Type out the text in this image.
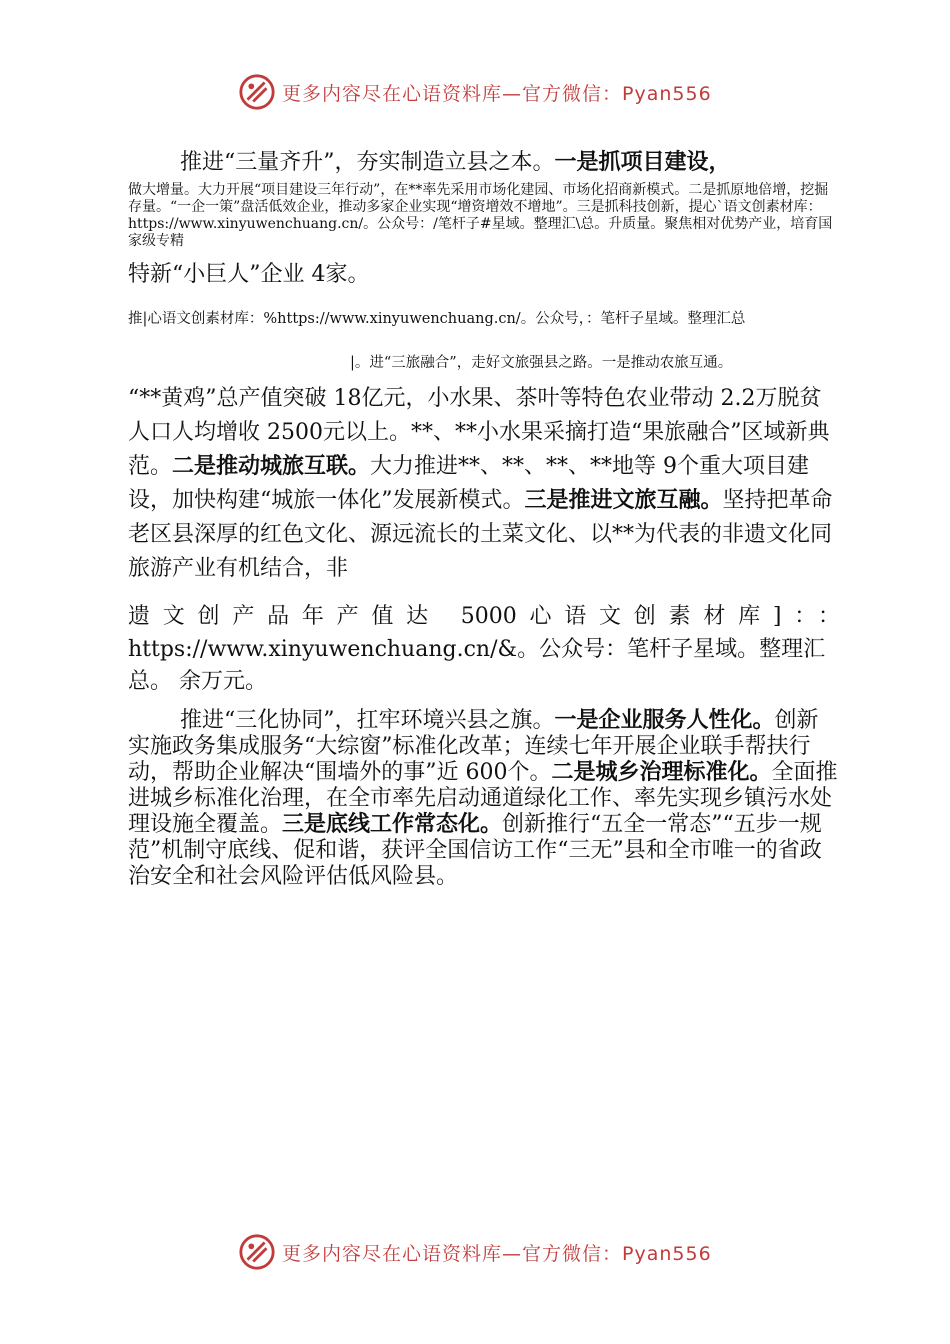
更多内容尽在心语资料库—官方微信：Pyan556

推进“三量齐升”，夯实制造立县之本。一是抓项目建设，

做大增量。大力开展“项目建设三年行动”，在**率先采用市场化建园、市场化招商新模式。二是抓原地倍增，挖掘存量。“一企一策”盘活低效企业，推动多家企业实现“增资增效不增地”。三是抓科技创新，提心`语文创素材库：https://www.xinyuwenchuang.cn/。公众号：/笔杆子#星域。整理汇\总。升质量。聚焦相对优势产业，培育国家级专精

特新“小巨人”企业 4家。

推|心语文创素材库：%https://www.xinyuwenchuang.cn/。公众号，：笔杆子星域。整理汇总

|。进“三旅融合”，走好文旅强县之路。一是推动农旅互通。

“**黄鸡”总产值突破 18亿元，小水果、茶叶等特色农业带动 2.2万脱贫人口人均增收 2500元以上。**、**小水果采摘打造“果旅融合”区域新典范。二是推动城旅互联。大力推进**、**、**、**地等 9个重大项目建设，加快构建“城旅一体化”发展新模式。三是推进文旅互融。坚持把革命老区县深厚的红色文化、源远流长的土菜文化、以**为代表的非遗文化同旅游产业有机结合，非

遗文创产品年产值达 5000心语文创素材库]：：

https://www.xinyuwenchuang.cn/&。公众号：笔杆子星域。整理汇总。 余万元。

推进“三化协同”，扛牢环境兴县之旗。一是企业服务人性化。创新实施政务集成服务“大综窗”标准化改革；连续七年开展企业联手帮扶行动，帮助企业解决“围墙外的事”近 600个。二是城乡治理标准化。全面推进城乡标准化治理，在全市率先启动通道绿化工作、率先实现乡镇污水处理设施全覆盖。三是底线工作常态化。创新推行“五全一常态”“五步一规范”机制守底线、促和谐，获评全国信访工作“三无”县和全市唯一的省政治安全和社会风险评估低风险县。

更多内容尽在心语资料库—官方微信：Pyan556
